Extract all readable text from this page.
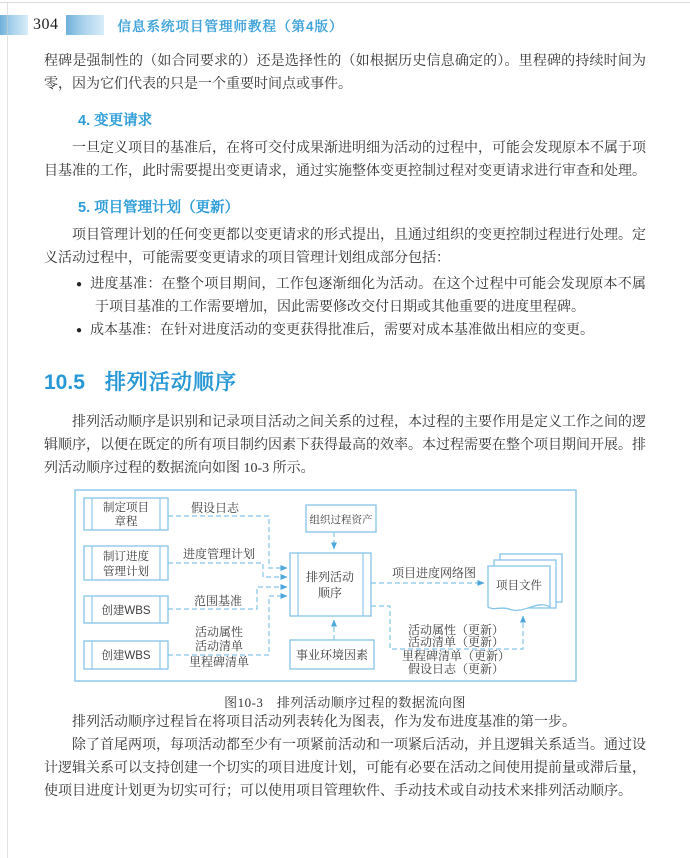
304	信息系统项目管理师教程（第4版）

程碑是强制性的（如合同要求的）还是选择性的（如根据历史信息确定的）。里程碑的持续时间为零，因为它们代表的只是一个重要时间点或事件。

4. 变更请求

一旦定义项目的基准后，在将可交付成果渐进明细为活动的过程中，可能会发现原本不属于项目基准的工作，此时需要提出变更请求，通过实施整体变更控制过程对变更请求进行审查和处理。

5. 项目管理计划（更新）

项目管理计划的任何变更都以变更请求的形式提出，且通过组织的变更控制过程进行处理。定义活动过程中，可能需要变更请求的项目管理计划组成部分包括：

● 进度基准：在整个项目期间，工作包逐渐细化为活动。在这个过程中可能会发现原本不属于项目基准的工作需要增加，因此需要修改交付日期或其他重要的进度里程碑。
● 成本基准：在针对进度活动的变更获得批准后，需要对成本基准做出相应的变更。
10.5 排列活动顺序

排列活动顺序是识别和记录项目活动之间关系的过程，本过程的主要作用是定义工作之间的逻辑顺序，以便在既定的所有项目制约因素下获得最高的效率。本过程需要在整个项目期间开展。排列活动顺序过程的数据流向如图 10-3 所示。

制定项目
章程
制订进度
管理计划
创建WBS
创建WBS
假设日志
进度管理计划
范围基准
活动属性
活动清单
里程碑清单
组织过程资产
事业环境因素
排列活动
顺序
项目进度网络图
活动属性（更新）
活动清单（更新）
里程碑清单（更新）
假设日志（更新）
项目文件
图10-3　排列活动顺序过程的数据流向图

排列活动顺序过程旨在将项目活动列表转化为图表，作为发布进度基准的第一步。

除了首尾两项，每项活动都至少有一项紧前活动和一项紧后活动，并且逻辑关系适当。通过设计逻辑关系可以支持创建一个切实的项目进度计划，可能有必要在活动之间使用提前量或滞后量，使项目进度计划更为切实可行；可以使用项目管理软件、手动技术或自动技术来排列活动顺序。
